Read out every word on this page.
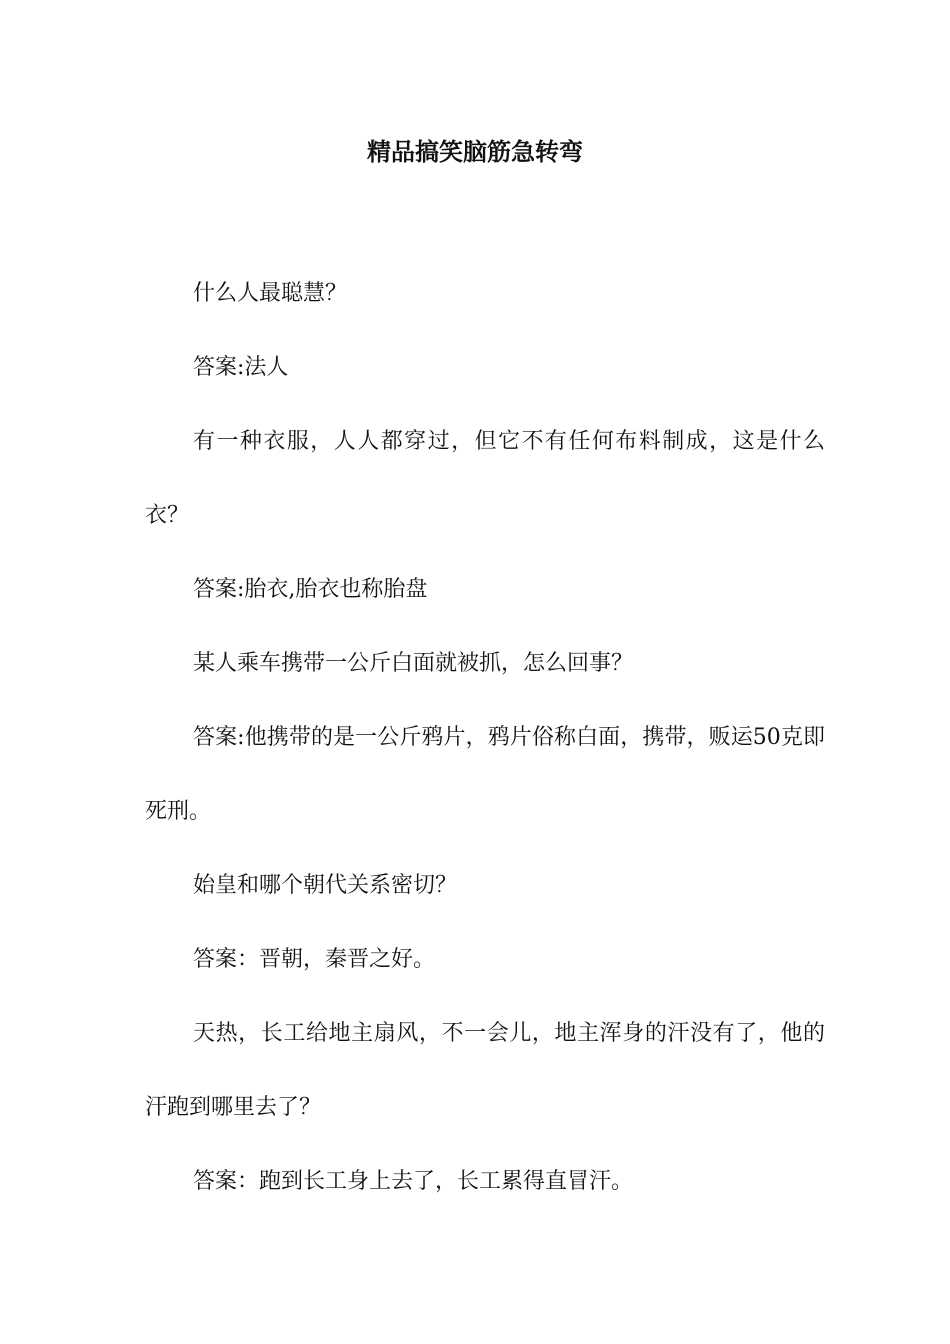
精品搞笑脑筋急转弯

什么人最聪慧？

答案:法人

有一种衣服，人人都穿过，但它不有任何布料制成，这是什么衣？

答案:胎衣,胎衣也称胎盘

某人乘车携带一公斤白面就被抓，怎么回事？

答案:他携带的是一公斤鸦片，鸦片俗称白面，携带，贩运50克即死刑。

始皇和哪个朝代关系密切？

答案：晋朝，秦晋之好。

天热，长工给地主扇风，不一会儿，地主浑身的汗没有了，他的汗跑到哪里去了？

答案：跑到长工身上去了，长工累得直冒汗。
